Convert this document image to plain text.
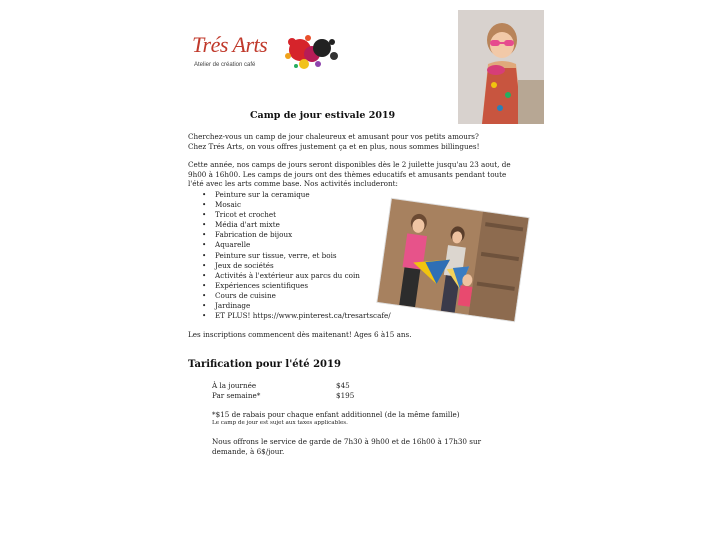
Trés Arts
Atelier de création café
Camp de jour estivale 2019

Cherchez-vous un camp de jour chaleureux et amusant pour vos petits amours?
Chez Trés Arts, on vous offres justement ça et en plus, nous sommes billingues!

Cette année, nos camps de jours seront disponibles dès le 2 juilette jusqu'au 23 aout, de 9h00 à 16h00. Les camps de jours ont des thèmes educatifs et amusants pendant toute l'été avec les arts comme base. Nos activités includeront:

• Peinture sur la ceramique
• Mosaic
• Tricot et crochet
• Média d'art mixte
• Fabrication de bijoux
• Aquarelle
• Peinture sur tissue, verre, et bois
• Jeux de sociétés
• Activités à l'extérieur aux parcs du coin
• Expériences scientifiques
• Cours de cuisine
• Jardinage
• ET PLUS! https://www.pinterest.ca/tresartscafe/

Les inscriptions commencent dès maitenant! Ages 6 à15 ans.

Tarification pour l'été 2019
À la journée	$45
Par semaine*	$195
*$15 de rabais pour chaque enfant additionnel (de la même famille)
Le camp de jour est sujet aux taxes applicables.
Nous offrons le service de garde de 7h30 à 9h00 et de 16h00 à 17h30 sur demande, à 6$/jour.
